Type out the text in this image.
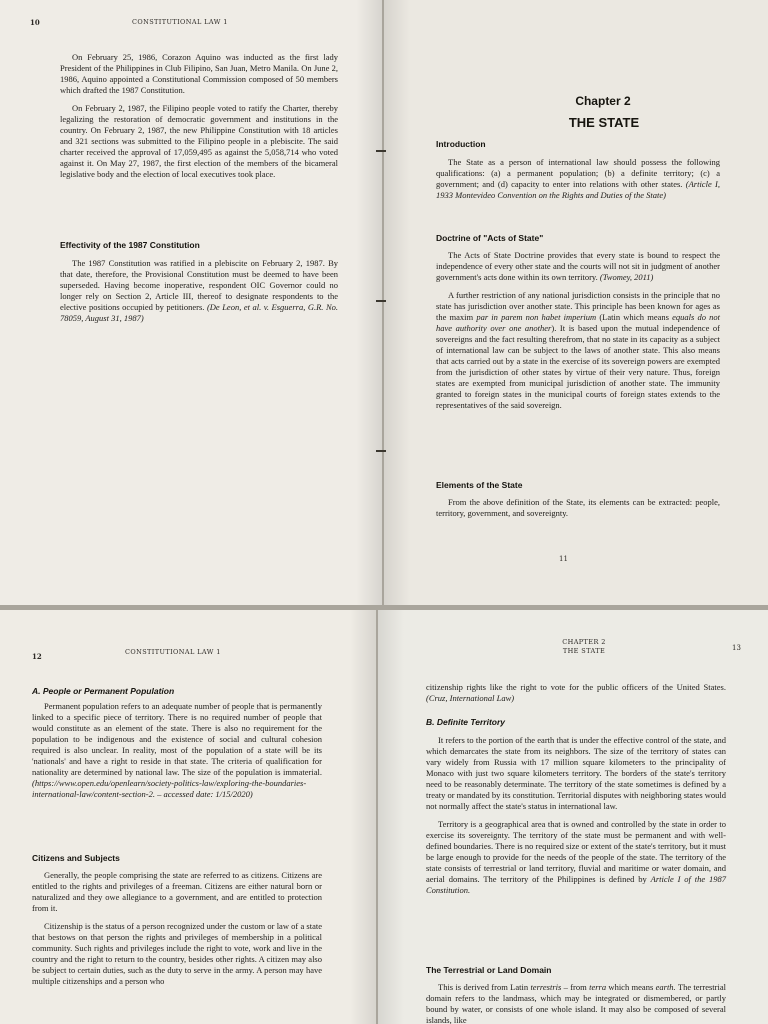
10	CONSTITUTIONAL LAW 1

On February 25, 1986, Corazon Aquino was inducted as the first lady President of the Philippines in Club Filipino, San Juan, Metro Manila. On June 2, 1986, Aquino appointed a Constitutional Commission composed of 50 members which drafted the 1987 Constitution.

On February 2, 1987, the Filipino people voted to ratify the Charter, thereby legalizing the restoration of democratic government and institutions in the country. On February 2, 1987, the new Philippine Constitution with 18 articles and 321 sections was submitted to the Filipino people in a plebiscite. The said charter received the approval of 17,059,495 as against the 5,058,714 who voted against it. On May 27, 1987, the first election of the members of the bicameral legislative body and the election of local executives took place.

Effectivity of the 1987 Constitution

The 1987 Constitution was ratified in a plebiscite on February 2, 1987. By that date, therefore, the Provisional Constitution must be deemed to have been superseded. Having become inoperative, respondent OIC Governor could no longer rely on Section 2, Article III, thereof to designate respondents to the elective positions occupied by petitioners. (De Leon, et al. v. Esguerra, G.R. No. 78059, August 31, 1987)

Chapter 2
THE STATE
Introduction

The State as a person of international law should possess the following qualifications: (a) a permanent population; (b) a definite territory; (c) a government; and (d) capacity to enter into relations with other states. (Article I, 1933 Montevideo Convention on the Rights and Duties of the State)

Doctrine of "Acts of State"

The Acts of State Doctrine provides that every state is bound to respect the independence of every other state and the courts will not sit in judgment of another government's acts done within its own territory. (Twomey, 2011)

A further restriction of any national jurisdiction consists in the principle that no state has jurisdiction over another state. This principle has been known for ages as the maxim par in parem non habet imperium (Latin which means equals do not have authority over one another). It is based upon the mutual independence of sovereigns and the fact resulting therefrom, that no state in its capacity as a subject of international law can be subject to the laws of another state. This also means that acts carried out by a state in the exercise of its sovereign powers are exempted from the jurisdiction of other states by virtue of their very nature. Thus, foreign states are exempted from municipal jurisdiction of another state. The immunity granted to foreign states in the municipal courts of foreign states extends to the representatives of the said sovereign.

Elements of the State

From the above definition of the State, its elements can be extracted: people, territory, government, and sovereignty.

11
12	CONSTITUTIONAL LAW 1
A. People or Permanent Population

Permanent population refers to an adequate number of people that is permanently linked to a specific piece of territory. There is no required number of people that would constitute as an element of the state. There is also no requirement for the population to be indigenous and the existence of social and cultural cohesion required is also unclear. In reality, most of the population of a state will be its 'nationals' and have a right to reside in that state. The criteria of qualification for nationality are determined by national law. The size of the population is immaterial. (https://www.open.edu/openlearn/society-politics-law/exploring-the-boundaries-international-law/content-section-2. – accessed date: 1/15/2020)

Citizens and Subjects

Generally, the people comprising the state are referred to as citizens. Citizens are entitled to the rights and privileges of a freeman. Citizens are either natural born or naturalized and they owe allegiance to a government, and are entitled to protection from it.

Citizenship is the status of a person recognized under the custom or law of a state that bestows on that person the rights and privileges of membership in a political community. Such rights and privileges include the right to vote, work and live in the country and the right to return to the country, besides other rights. A citizen may also be subject to certain duties, such as the duty to serve in the army. A person may have multiple citizenships and a person who

CHAPTER 2
THE STATE	13

citizenship rights like the right to vote for the public officers of the United States. (Cruz, International Law)

B. Definite Territory

It refers to the portion of the earth that is under the effective control of the state, and which demarcates the state from its neighbors. The size of the territory of states can vary widely from Russia with 17 million square kilometers to the principality of Monaco with just two square kilometers territory. The borders of the state's territory need to be reasonably determinate. The territory of the state sometimes is defined by a treaty or mandated by its constitution. Territorial disputes with neighboring states would not normally affect the state's status in international law.

Territory is a geographical area that is owned and controlled by the state in order to exercise its sovereignty. The territory of the state must be permanent and with well-defined boundaries. There is no required size or extent of the state's territory, but it must be large enough to provide for the needs of the people of the state. The territory of the state consists of terrestrial or land territory, fluvial and maritime or water domain, and aerial domains. The territory of the Philippines is defined by Article I of the 1987 Constitution.

The Terrestrial or Land Domain

This is derived from Latin terrestris – from terra which means earth. The terrestrial domain refers to the landmass, which may be integrated or dismembered, or partly bound by water, or consists of one whole island. It may also be composed of several islands, like
